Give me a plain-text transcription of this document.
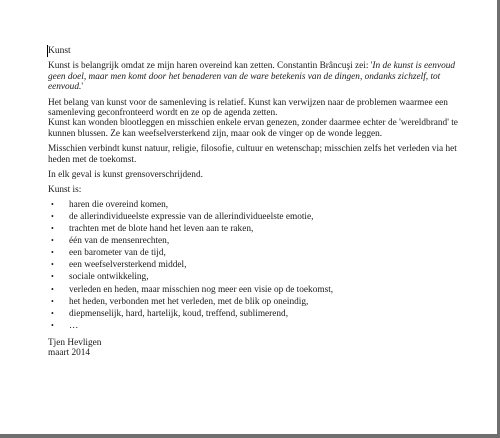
Kunst

Kunst is belangrijk omdat ze mijn haren overeind kan zetten. Constantin Brâncuşi zei: 'In de kunst is eenvoud geen doel, maar men komt door het benaderen van de ware betekenis van de dingen, ondanks zichzelf, tot eenvoud.'

Het belang van kunst voor de samenleving is relatief. Kunst kan verwijzen naar de problemen waarmee een samenleving geconfronteerd wordt en ze op de agenda zetten.
Kunst kan wonden blootleggen en misschien enkele ervan genezen, zonder daarmee echter de 'wereldbrand' te kunnen blussen. Ze kan weefselversterkend zijn, maar ook de vinger op de wonde leggen.

Misschien verbindt kunst natuur, religie, filosofie, cultuur en wetenschap; misschien zelfs het verleden via het heden met de toekomst.

In elk geval is kunst grensoverschrijdend.

Kunst is:

• haren die overeind komen,
• de allerindividueelste expressie van de allerindividueelste emotie,
• trachten met de blote hand het leven aan te raken,
• één van de mensenrechten,
• een barometer van de tijd,
• een weefselversterkend middel,
• sociale ontwikkeling,
• verleden en heden, maar misschien nog meer een visie op de toekomst,
• het heden, verbonden met het verleden, met de blik op oneindig,
• diepmenselijk, hard, hartelijk, koud, treffend, sublimerend,
• …
Tjen Hevligen
maart 2014
